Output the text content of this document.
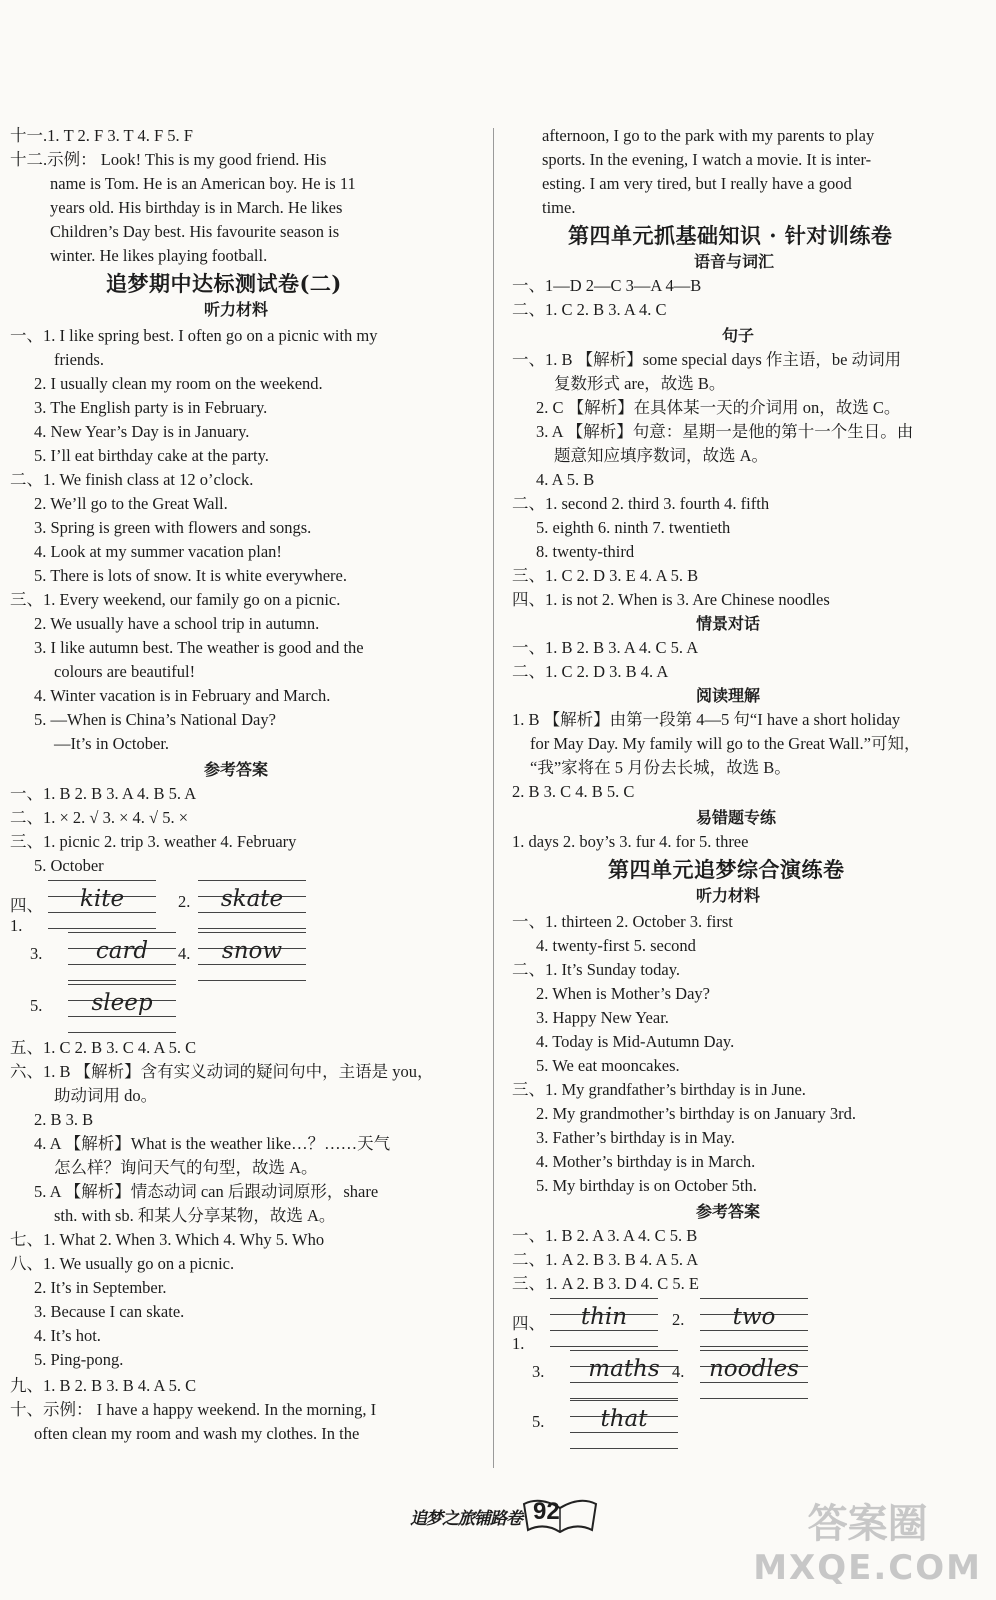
十一.1. T 2. F 3. T 4. F 5. F
十二.示例： Look! This is my good friend. His
name is Tom. He is an American boy. He is 11
years old. His birthday is in March. He likes
Children’s Day best. His favourite season is
winter. He likes playing football.
追梦期中达标测试卷(二)
听力材料
一、1. I like spring best. I often go on a picnic with my
friends.
2. I usually clean my room on the weekend.
3. The English party is in February.
4. New Year’s Day is in January.
5. I’ll eat birthday cake at the party.
二、1. We finish class at 12 o’clock.
2. We’ll go to the Great Wall.
3. Spring is green with flowers and songs.
4. Look at my summer vacation plan!
5. There is lots of snow. It is white everywhere.
三、1. Every weekend, our family go on a picnic.
2. We usually have a school trip in autumn.
3. I like autumn best. The weather is good and the
colours are beautiful!
4. Winter vacation is in February and March.
5. —When is China’s National Day?
—It’s in October.
参考答案
一、1. B 2. B 3. A 4. B 5. A
二、1. × 2. √ 3. × 4. √ 5. ×
三、1. picnic 2. trip 3. weather 4. February
5. October
五、1. C 2. B 3. C 4. A 5. C
六、1. B 【解析】含有实义动词的疑问句中，主语是 you，
助动词用 do。
2. B 3. B
4. A 【解析】What is the weather like…？……天气
怎么样？询问天气的句型，故选 A。
5. A 【解析】情态动词 can 后跟动词原形，share
sth. with sb. 和某人分享某物，故选 A。
七、1. What 2. When 3. Which 4. Why 5. Who
八、1. We usually go on a picnic.
2. It’s in September.
3. Because I can skate.
4. It’s hot.
5. Ping-pong.
九、1. B 2. B 3. B 4. A 5. C
十、示例： I have a happy weekend. In the morning, I
often clean my room and wash my clothes. In the
四、1.
kite	2.	skate
3.	card	4.	snow
5.	sleep
afternoon, I go to the park with my parents to play
sports. In the evening, I watch a movie. It is inter-
esting. I am very tired, but I really have a good
time.
第四单元抓基础知识 · 针对训练卷
语音与词汇
一、1—D 2—C 3—A 4—B
二、1. C 2. B 3. A 4. C
句子
一、1. B 【解析】some special days 作主语，be 动词用
复数形式 are，故选 B。
2. C 【解析】在具体某一天的介词用 on，故选 C。
3. A 【解析】句意：星期一是他的第十一个生日。由
题意知应填序数词，故选 A。
4. A 5. B
二、1. second 2. third 3. fourth 4. fifth
5. eighth 6. ninth 7. twentieth
8. twenty-third
三、1. C 2. D 3. E 4. A 5. B
四、1. is not 2. When is 3. Are Chinese noodles
情景对话
一、1. B 2. B 3. A 4. C 5. A
二、1. C 2. D 3. B 4. A
阅读理解
1. B 【解析】由第一段第 4—5 句“I have a short holiday
for May Day. My family will go to the Great Wall.”可知，
“我”家将在 5 月份去长城，故选 B。
2. B 3. C 4. B 5. C
易错题专练
1. days 2. boy’s 3. fur 4. for 5. three
第四单元追梦综合演练卷
听力材料
一、1. thirteen 2. October 3. first
4. twenty-first 5. second
二、1. It’s Sunday today.
2. When is Mother’s Day?
3. Happy New Year.
4. Today is Mid-Autumn Day.
5. We eat mooncakes.
三、1. My grandfather’s birthday is in June.
2. My grandmother’s birthday is on January 3rd.
3. Father’s birthday is in May.
4. Mother’s birthday is in March.
5. My birthday is on October 5th.
参考答案
一、1. B 2. A 3. A 4. C 5. B
二、1. A 2. B 3. B 4. A 5. A
三、1. A 2. B 3. D 4. C 5. E
四、1.
thin	2.	two
3.	maths 4.	noodles
5.	that
追梦之旅铺路卷 92	答案圈
MXQE.COM
